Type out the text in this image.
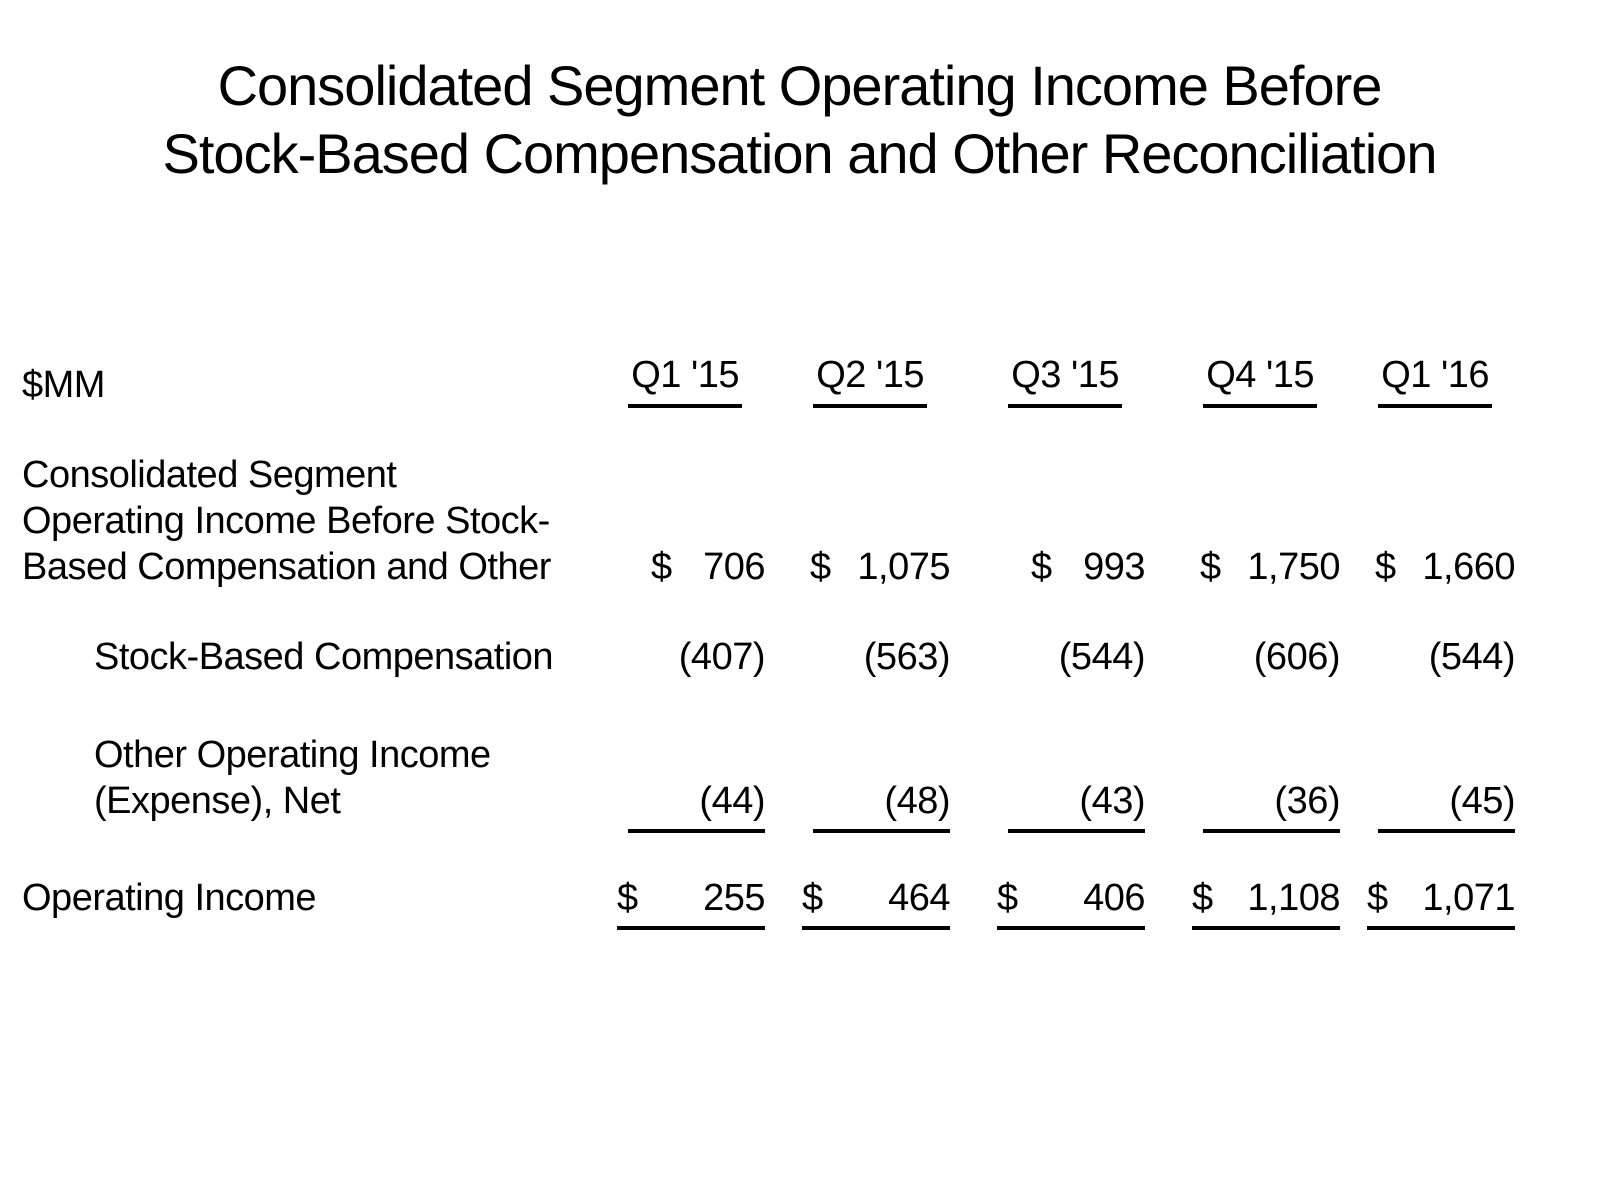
Consolidated Segment Operating Income Before
Stock-Based Compensation and Other Reconciliation
$MM	Q1 '15	Q2 '15	Q3 '15	Q4 '15	Q1 '16
Consolidated Segment
Operating Income Before Stock-
Based Compensation and Other	$ 706 $ 1,075 $ 993 $ 1,750 $ 1,660
Stock-Based Compensation	(407)	(563)	(544)	(606)	(544)
Other Operating Income
(Expense), Net	(44)	(48)	(43)	(36)	(45)
Operating Income	$ 255 $ 464 $ 406 $ 1,108 $ 1,071
